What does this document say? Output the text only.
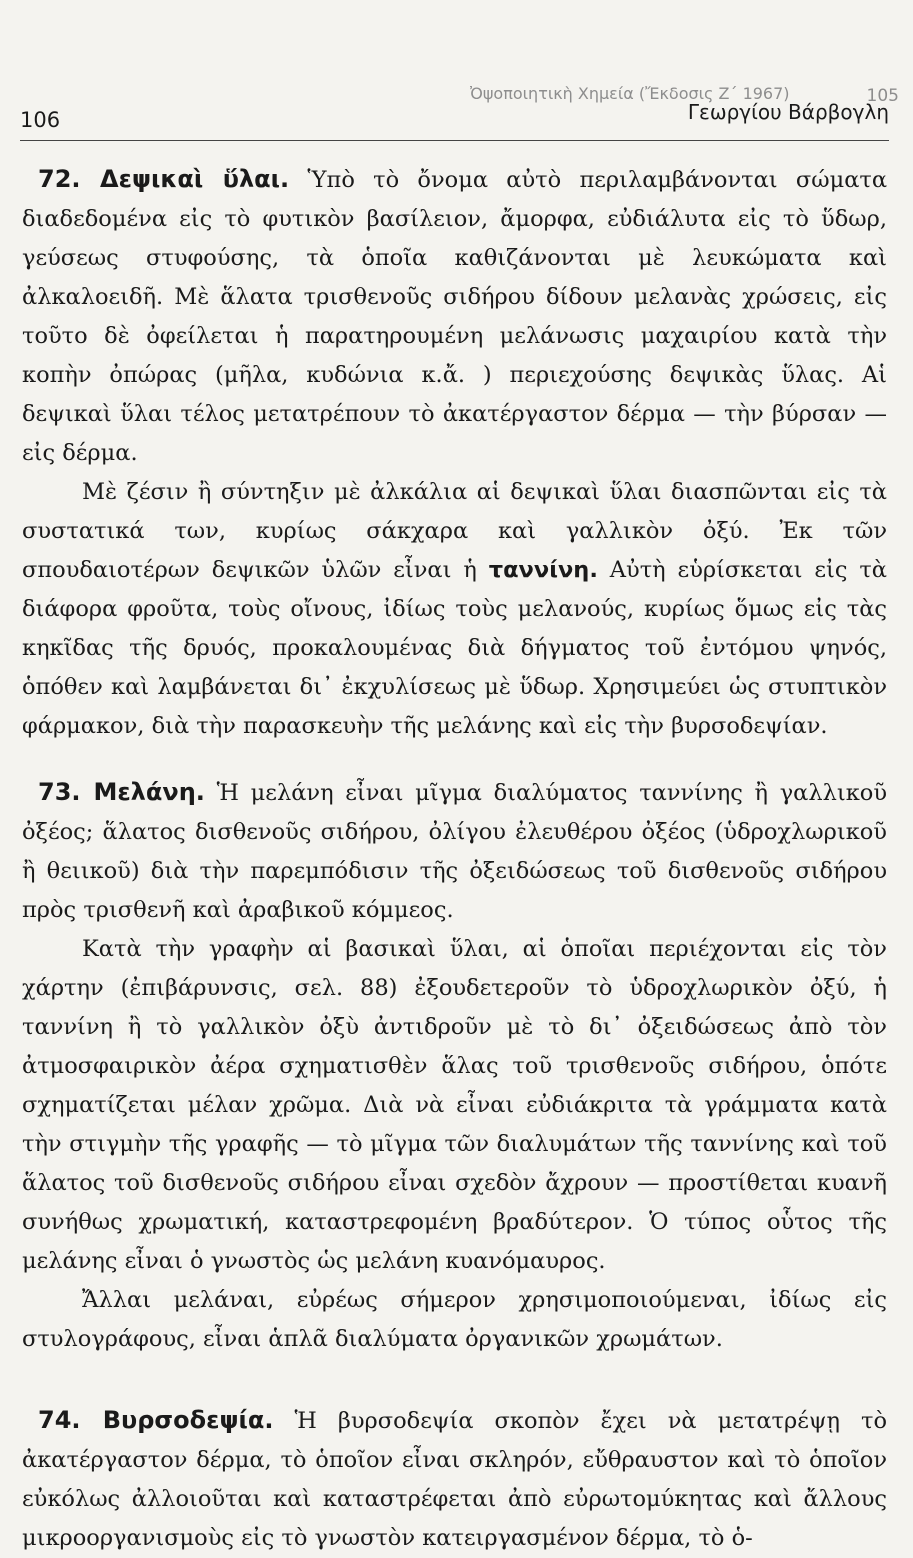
Ὀψοποιητικὴ Χημεία (Ἔκδοσις Ζ΄ 1967)	105
106	Γεωργίου Βάρβογλη

72. Δεψικαὶ ὕλαι. Ὑπὸ τὸ ὄνομα αὐτὸ περιλαμβάνονται σώματα διαδεδομένα εἰς τὸ φυτικὸν βασίλειον, ἄμορφα, εὐδιάλυτα εἰς τὸ ὕδωρ, γεύσεως στυφούσης, τὰ ὁποῖα καθιζάνονται μὲ λευκώματα καὶ ἀλκαλοειδῆ. Μὲ ἅλατα τρισθενοῦς σιδήρου δίδουν μελανὰς χρώσεις, εἰς τοῦτο δὲ ὀφείλεται ἡ παρατηρουμένη μελάνωσις μαχαιρίου κατὰ τὴν κοπὴν ὀπώρας (μῆλα, κυδώνια κ.ἄ. ) περιεχούσης δεψικὰς ὕλας. Αἱ δεψικαὶ ὕλαι τέλος μετατρέπουν τὸ ἀκατέργαστον δέρμα — τὴν βύρσαν — εἰς δέρμα.

Μὲ ζέσιν ἢ σύντηξιν μὲ ἀλκάλια αἱ δεψικαὶ ὕλαι διασπῶνται εἰς τὰ συστατικά των, κυρίως σάκχαρα καὶ γαλλικὸν ὀξύ. Ἐκ τῶν σπουδαιοτέρων δεψικῶν ὑλῶν εἶναι ἡ ταννίνη. Αὐτὴ εὑρίσκεται εἰς τὰ διάφορα φροῦτα, τοὺς οἴνους, ἰδίως τοὺς μελανούς, κυρίως ὅμως εἰς τὰς κηκῖδας τῆς δρυός, προκαλουμένας διὰ δήγματος τοῦ ἐντόμου ψηνός, ὁπόθεν καὶ λαμβάνεται δι᾿ ἐκχυλίσεως μὲ ὕδωρ. Χρησιμεύει ὡς στυπτικὸν φάρμακον, διὰ τὴν παρασκευὴν τῆς μελάνης καὶ εἰς τὴν βυρσοδεψίαν.

73. Μελάνη. Ἡ μελάνη εἶναι μῖγμα διαλύματος ταννίνης ἢ γαλλικοῦ ὀξέος; ἅλατος δισθενοῦς σιδήρου, ὀλίγου ἐλευθέρου ὀξέος (ὑδροχλωρικοῦ ἢ θειικοῦ) διὰ τὴν παρεμπόδισιν τῆς ὀξειδώσεως τοῦ δισθενοῦς σιδήρου πρὸς τρισθενῆ καὶ ἀραβικοῦ κόμμεος.

Κατὰ τὴν γραφὴν αἱ βασικαὶ ὕλαι, αἱ ὁποῖαι περιέχονται εἰς τὸν χάρτην (ἐπιβάρυνσις, σελ. 88) ἐξουδετεροῦν τὸ ὑδροχλωρικὸν ὀξύ, ἡ ταννίνη ἢ τὸ γαλλικὸν ὀξὺ ἀντιδροῦν μὲ τὸ δι᾿ ὀξειδώσεως ἀπὸ τὸν ἀτμοσφαιρικὸν ἀέρα σχηματισθὲν ἅλας τοῦ τρισθενοῦς σιδήρου, ὁπότε σχηματίζεται μέλαν χρῶμα. Διὰ νὰ εἶναι εὐδιάκριτα τὰ γράμματα κατὰ τὴν στιγμὴν τῆς γραφῆς — τὸ μῖγμα τῶν διαλυμάτων τῆς ταννίνης καὶ τοῦ ἅλατος τοῦ δισθενοῦς σιδήρου εἶναι σχεδὸν ἄχρουν — προστίθεται κυανῆ συνήθως χρωματική, καταστρεφομένη βραδύτερον. Ὁ τύπος οὗτος τῆς μελάνης εἶναι ὁ γνωστὸς ὡς μελάνη κυανόμαυρος.

Ἄλλαι μελάναι, εὐρέως σήμερον χρησιμοποιούμεναι, ἰδίως εἰς στυλογράφους, εἶναι ἁπλᾶ διαλύματα ὀργανικῶν χρωμάτων.

74. Βυρσοδεψία. Ἡ βυρσοδεψία σκοπὸν ἔχει νὰ μετατρέψῃ τὸ ἀκατέργαστον δέρμα, τὸ ὁποῖον εἶναι σκληρόν, εὔθραυστον καὶ τὸ ὁποῖον εὐκόλως ἀλλοιοῦται καὶ καταστρέφεται ἀπὸ εὐρωτομύκητας καὶ ἄλλους μικροοργανισμοὺς εἰς τὸ γνωστὸν κατειργασμένον δέρμα, τὸ ὁ-
